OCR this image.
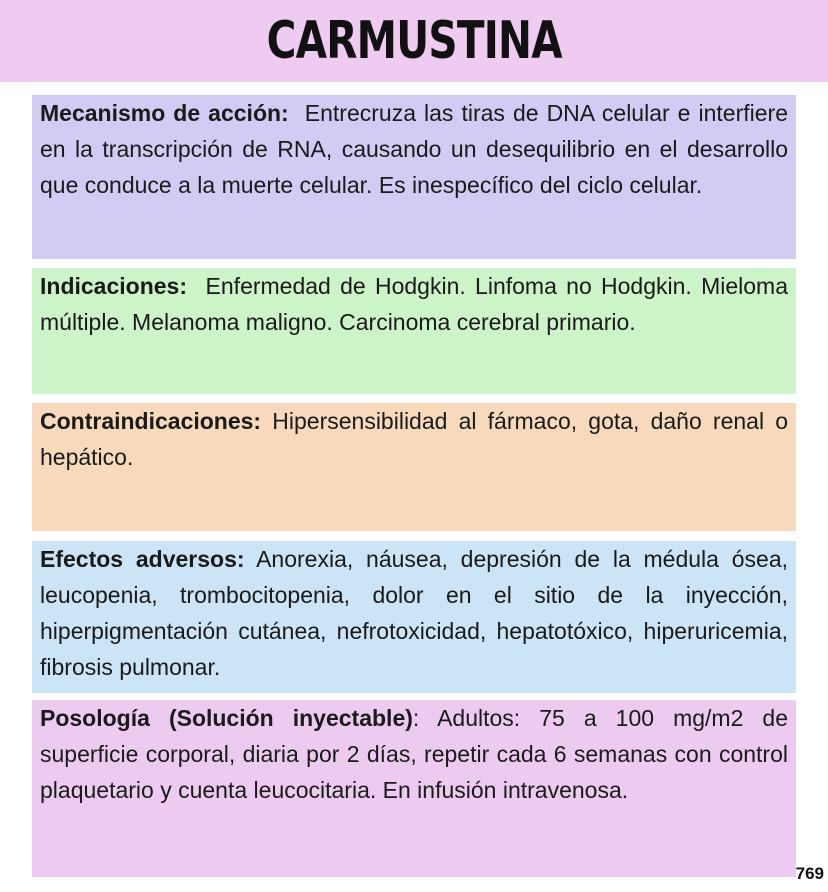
CARMUSTINA
Mecanismo de acción: Entrecruza las tiras de DNA celular e interfiere en la transcripción de RNA, causando un desequilibrio en el desarrollo que conduce a la muerte celular. Es inespecífico del ciclo celular.
Indicaciones: Enfermedad de Hodgkin. Linfoma no Hodgkin. Mieloma múltiple. Melanoma maligno. Carcinoma cerebral primario.
Contraindicaciones: Hipersensibilidad al fármaco, gota, daño renal o hepático.
Efectos adversos: Anorexia, náusea, depresión de la médula ósea, leucopenia, trombocitopenia, dolor en el sitio de la inyección, hiperpigmentación cutánea, nefrotoxicidad, hepatotóxico, hiperuricemia, fibrosis pulmonar.
Posología (Solución inyectable): Adultos: 75 a 100 mg/m2 de superficie corporal, diaria por 2 días, repetir cada 6 semanas con control plaquetario y cuenta leucocitaria. En infusión intravenosa.
769
